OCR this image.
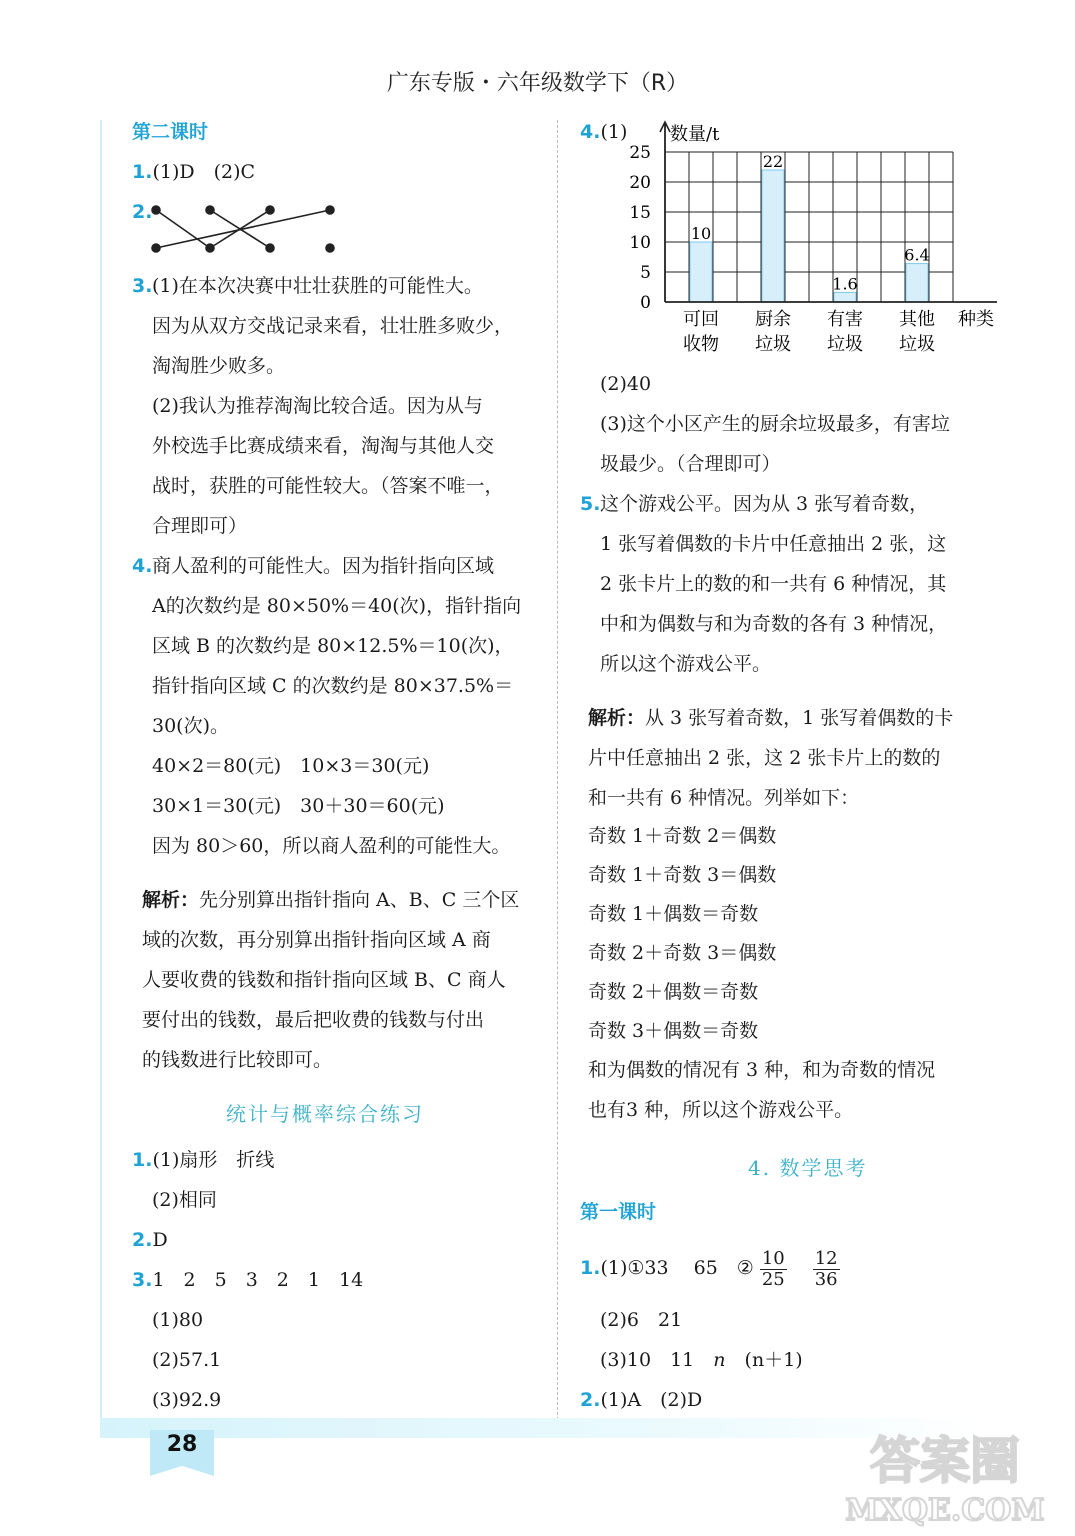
广东专版・六年级数学下（R）
第二课时
1.(1)D　(2)C
2.
3. (1)在本次决赛中壮壮获胜的可能性大。
因为从双方交战记录来看，壮壮胜多败少，
淘淘胜少败多。
(2)我认为推荐淘淘比较合适。因为从与
外校选手比赛成绩来看，淘淘与其他人交
战时，获胜的可能性较大。（答案不唯一，
合理即可）
4. 商人盈利的可能性大。因为指针指向区域
A的次数约是 80×50%＝40(次)，指针指向
区域 B 的次数约是 80×12.5%＝10(次)，
指针指向区域 C 的次数约是 80×37.5%＝
30(次)。
40×2＝80(元)　10×3＝30(元)
30×1＝30(元)　30＋30＝60(元)
因为 80＞60，所以商人盈利的可能性大。
解析：先分别算出指针指向 A、B、C 三个区
域的次数，再分别算出指针指向区域 A 商
人要收费的钱数和指针指向区域 B、C 商人
要付出的钱数，最后把收费的钱数与付出
的钱数进行比较即可。
统计与概率综合练习
1.(1)扇形　折线
(2)相同
2.D
3.1　2　5　3　2　1　14
(1)80
(2)57.1
(3)92.9
4.(1) 数量/t
种类
0
5
10
15
20
25
10
可回
收物
22
厨余
垃圾
1.6
有害
垃圾
6.4
其他
垃圾
(2)40
(3)这个小区产生的厨余垃圾最多，有害垃
圾最少。（合理即可）
5. 这个游戏公平。因为从 3 张写着奇数，
1 张写着偶数的卡片中任意抽出 2 张，这
2 张卡片上的数的和一共有 6 种情况，其
中和为偶数与和为奇数的各有 3 种情况，
所以这个游戏公平。
解析：从 3 张写着奇数，1 张写着偶数的卡
片中任意抽出 2 张，这 2 张卡片上的数的
和一共有 6 种情况。列举如下：
奇数 1＋奇数 2＝偶数
奇数 1＋奇数 3＝偶数
奇数 1＋偶数＝奇数
奇数 2＋奇数 3＝偶数
奇数 2＋偶数＝奇数
奇数 3＋偶数＝奇数
和为偶数的情况有 3 种，和为奇数的情况
也有3 种，所以这个游戏公平。
4. 数学思考
第一课时
1.(1)①33　 65　② $\frac{10}{25} \frac{12}{36}$
(2)6　21
(3)10　11　n　 (n＋1)
2.(1)A　(2)D
28	答案圈 MXQE.COM
